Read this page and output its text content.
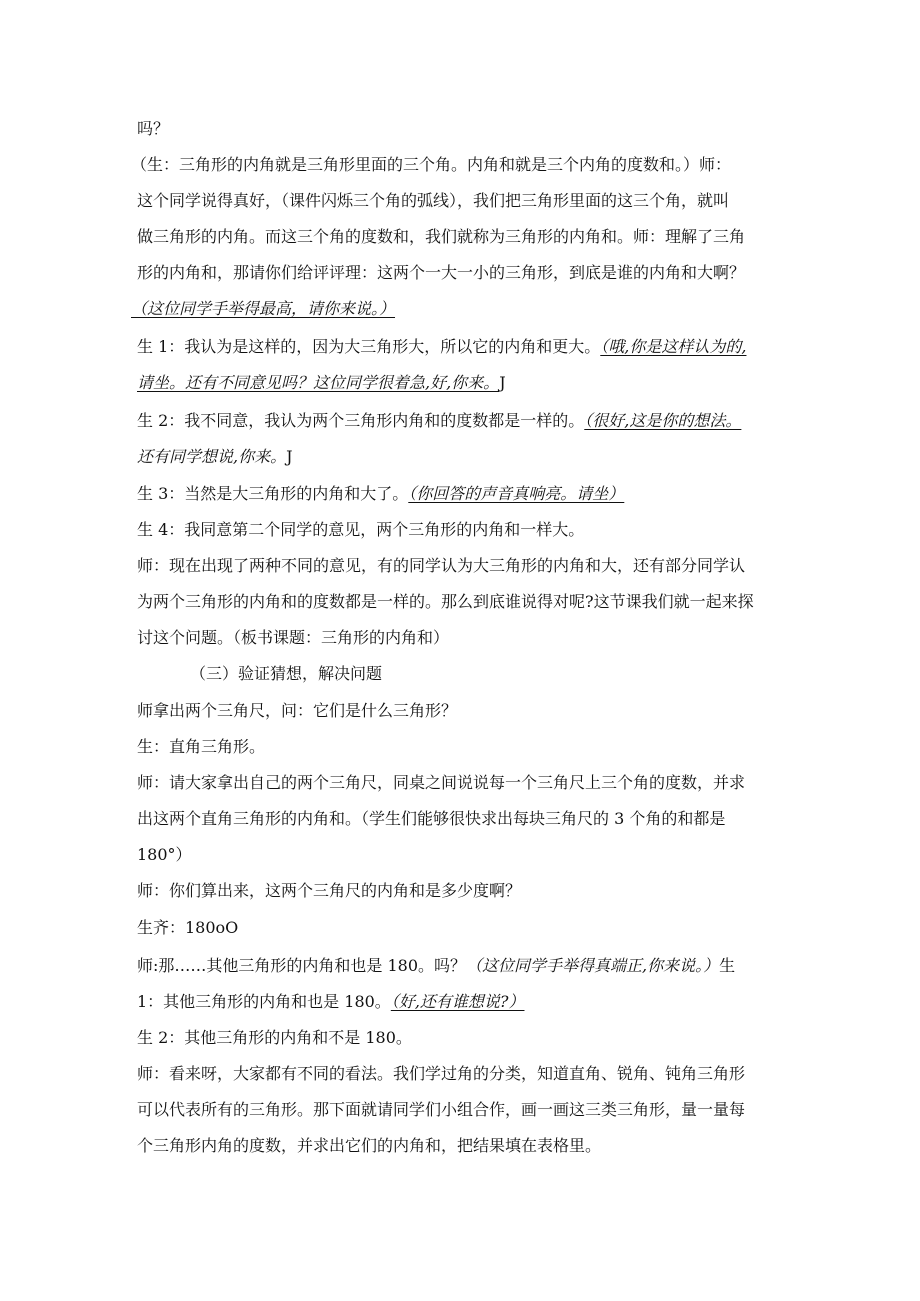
吗？
（生：三角形的内角就是三角形里面的三个角。内角和就是三个内角的度数和。）师：
这个同学说得真好，（课件闪烁三个角的弧线），我们把三角形里面的这三个角，就叫
做三角形的内角。而这三个角的度数和，我们就称为三角形的内角和。师：理解了三角
形的内角和，那请你们给评评理：这两个一大一小的三角形，到底是谁的内角和大啊？
（这位同学手举得最高，请你来说。）
生 1：我认为是这样的，因为大三角形大，所以它的内角和更大。（哦,你是这样认为的,
请坐。还有不同意见吗？这位同学很着急,好,你来。J
生 2：我不同意，我认为两个三角形内角和的度数都是一样的。（很好,这是你的想法。
还有同学想说,你来。J
生 3：当然是大三角形的内角和大了。（你回答的声音真响亮。请坐）
生 4：我同意第二个同学的意见，两个三角形的内角和一样大。
师：现在出现了两种不同的意见，有的同学认为大三角形的内角和大，还有部分同学认
为两个三角形的内角和的度数都是一样的。那么到底谁说得对呢?这节课我们就一起来探
讨这个问题。（板书课题：三角形的内角和）
（三）验证猜想，解决问题
师拿出两个三角尺，问：它们是什么三角形？
生：直角三角形。
师：请大家拿出自己的两个三角尺，同桌之间说说每一个三角尺上三个角的度数，并求
出这两个直角三角形的内角和。（学生们能够很快求出每块三角尺的 3 个角的和都是
180°）
师：你们算出来，这两个三角尺的内角和是多少度啊？
生齐：180oO
师:那……其他三角形的内角和也是 180。吗？（这位同学手举得真端正,你来说。）生
1：其他三角形的内角和也是 180。（好,还有谁想说?）
生 2：其他三角形的内角和不是 180。
师：看来呀，大家都有不同的看法。我们学过角的分类，知道直角、锐角、钝角三角形
可以代表所有的三角形。那下面就请同学们小组合作，画一画这三类三角形，量一量每
个三角形内角的度数，并求出它们的内角和，把结果填在表格里。
